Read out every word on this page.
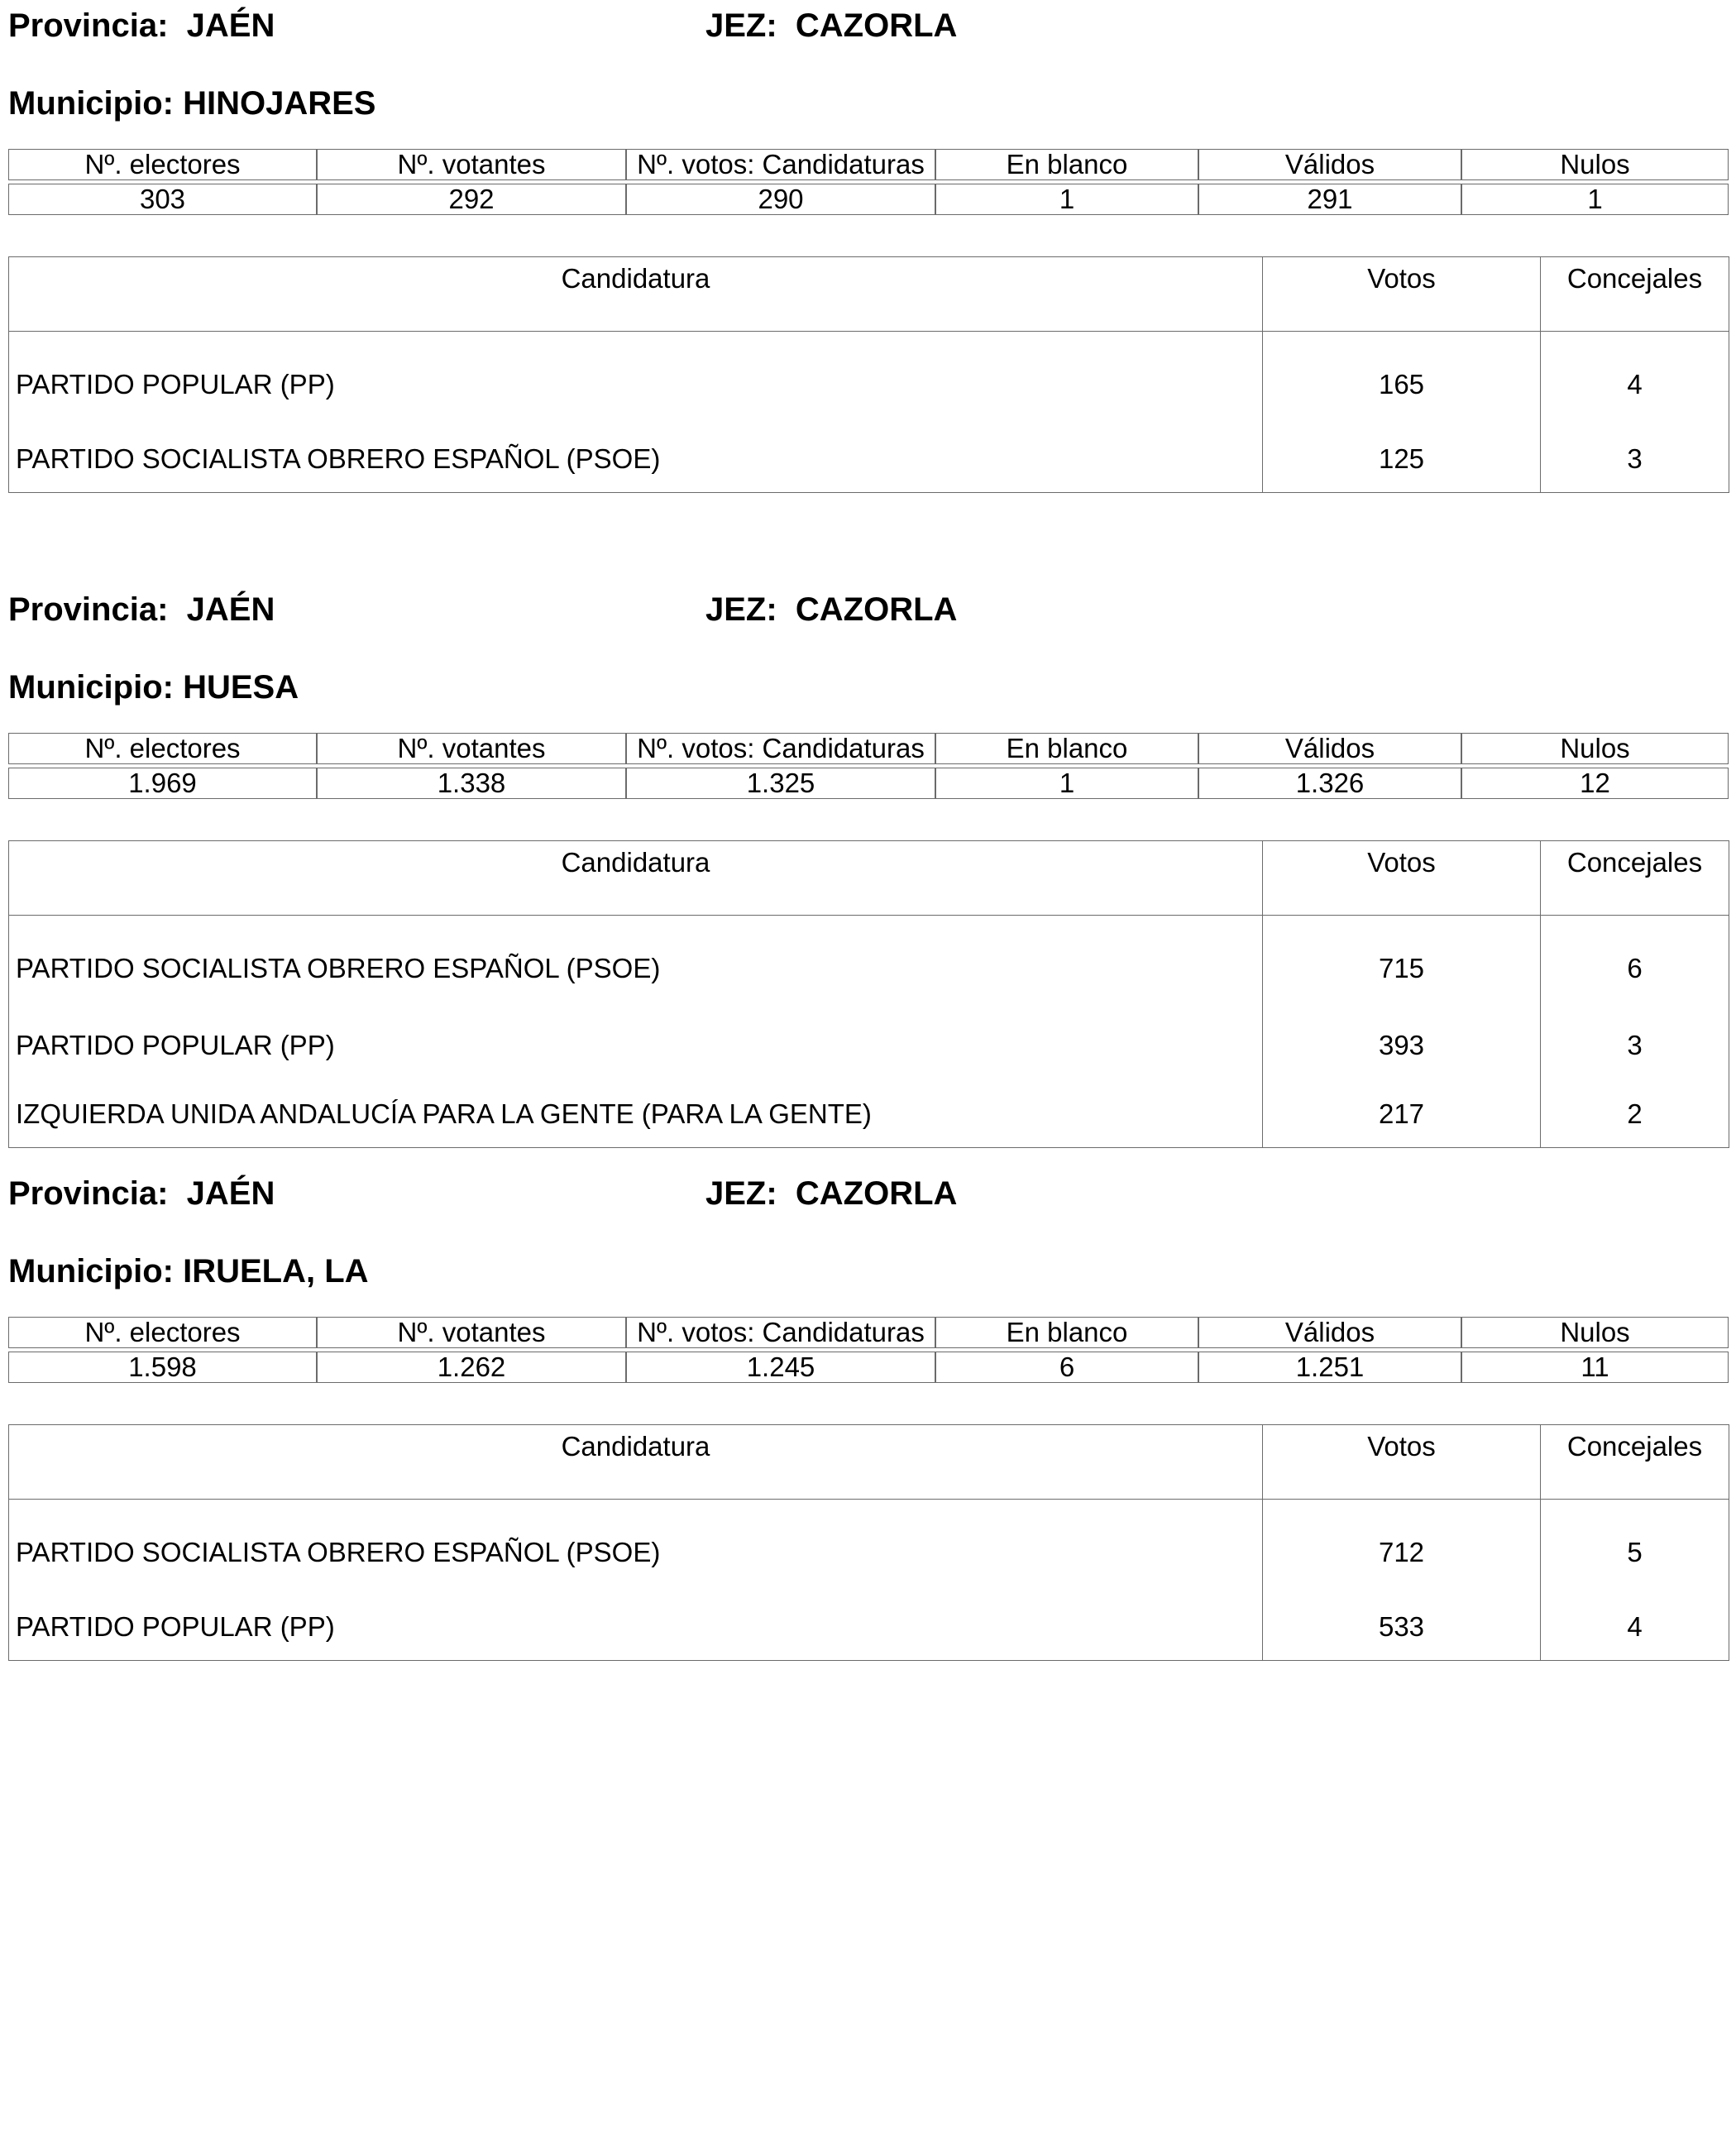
Provincia:  JAÉN	JEZ:  CAZORLA
Municipio: HINOJARES
Nº. electores	Nº. votantes	Nº. votos: Candidaturas	En blanco	Válidos	Nulos

303	292	290	1	291	1
Candidatura	Votos	Concejales
PARTIDO POPULAR (PP)	165	4
PARTIDO SOCIALISTA OBRERO ESPAÑOL (PSOE)	125	3
Provincia:  JAÉN	JEZ:  CAZORLA
Municipio: HUESA
Nº. electores	Nº. votantes	Nº. votos: Candidaturas	En blanco	Válidos	Nulos

1.969	1.338	1.325	1	1.326	12
Candidatura	Votos	Concejales
PARTIDO SOCIALISTA OBRERO ESPAÑOL (PSOE)	715	6
PARTIDO POPULAR (PP)	393	3
IZQUIERDA UNIDA ANDALUCÍA PARA LA GENTE (PARA LA GENTE)	217	2
Provincia:  JAÉN	JEZ:  CAZORLA
Municipio: IRUELA, LA
Nº. electores	Nº. votantes	Nº. votos: Candidaturas	En blanco	Válidos	Nulos

1.598	1.262	1.245	6	1.251	11
Candidatura	Votos	Concejales
PARTIDO SOCIALISTA OBRERO ESPAÑOL (PSOE)	712	5
PARTIDO POPULAR (PP)	533	4
